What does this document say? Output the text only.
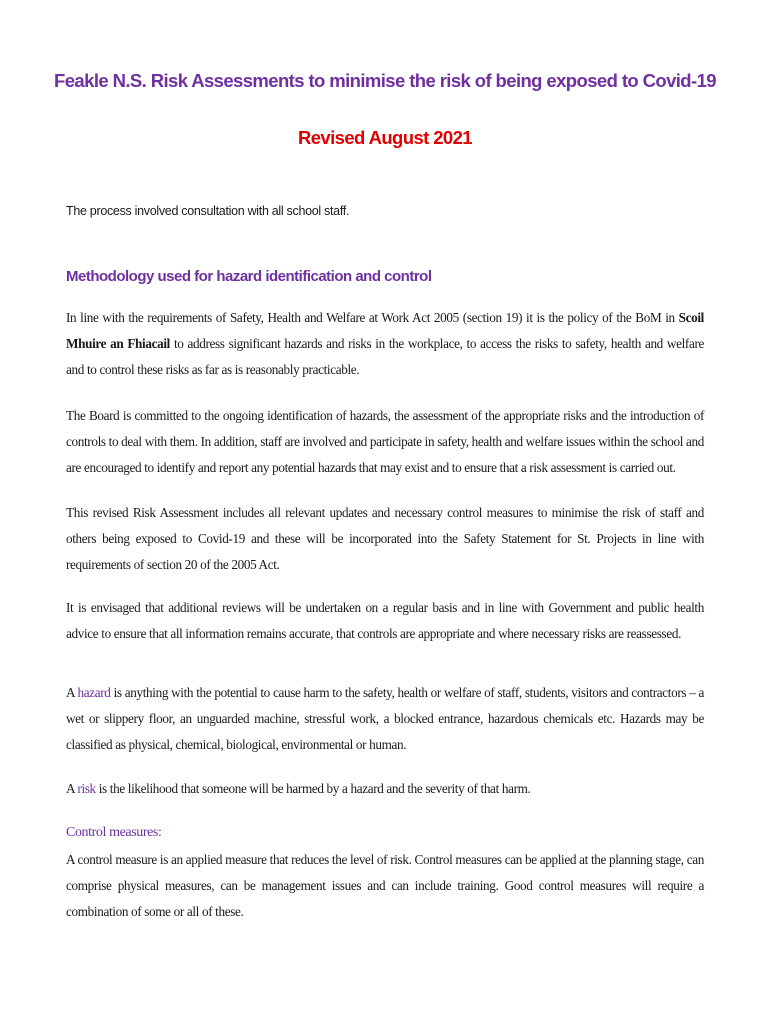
Feakle N.S. Risk Assessments to minimise the risk of being exposed to Covid-19
Revised August 2021
The process involved consultation with all school staff.
Methodology used for hazard identification and control

In line with the requirements of Safety, Health and Welfare at Work Act 2005 (section 19) it is the policy of the BoM in Scoil Mhuire an Fhiacail to address significant hazards and risks in the workplace, to access the risks to safety, health and welfare and to control these risks as far as is reasonably practicable.

The Board is committed to the ongoing identification of hazards, the assessment of the appropriate risks and the introduction of controls to deal with them. In addition, staff are involved and participate in safety, health and welfare issues within the school and are encouraged to identify and report any potential hazards that may exist and to ensure that a risk assessment is carried out.

This revised Risk Assessment includes all relevant updates and necessary control measures to minimise the risk of staff and others being exposed to Covid-19 and these will be incorporated into the Safety Statement for St. Projects in line with requirements of section 20 of the 2005 Act.

It is envisaged that additional reviews will be undertaken on a regular basis and in line with Government and public health advice to ensure that all information remains accurate, that controls are appropriate and where necessary risks are reassessed.

A hazard is anything with the potential to cause harm to the safety, health or welfare of staff, students, visitors and contractors – a wet or slippery floor, an unguarded machine, stressful work, a blocked entrance, hazardous chemicals etc. Hazards may be classified as physical, chemical, biological, environmental or human.

A risk is the likelihood that someone will be harmed by a hazard and the severity of that harm.

Control measures:

A control measure is an applied measure that reduces the level of risk. Control measures can be applied at the planning stage, can comprise physical measures, can be management issues and can include training. Good control measures will require a combination of some or all of these.
